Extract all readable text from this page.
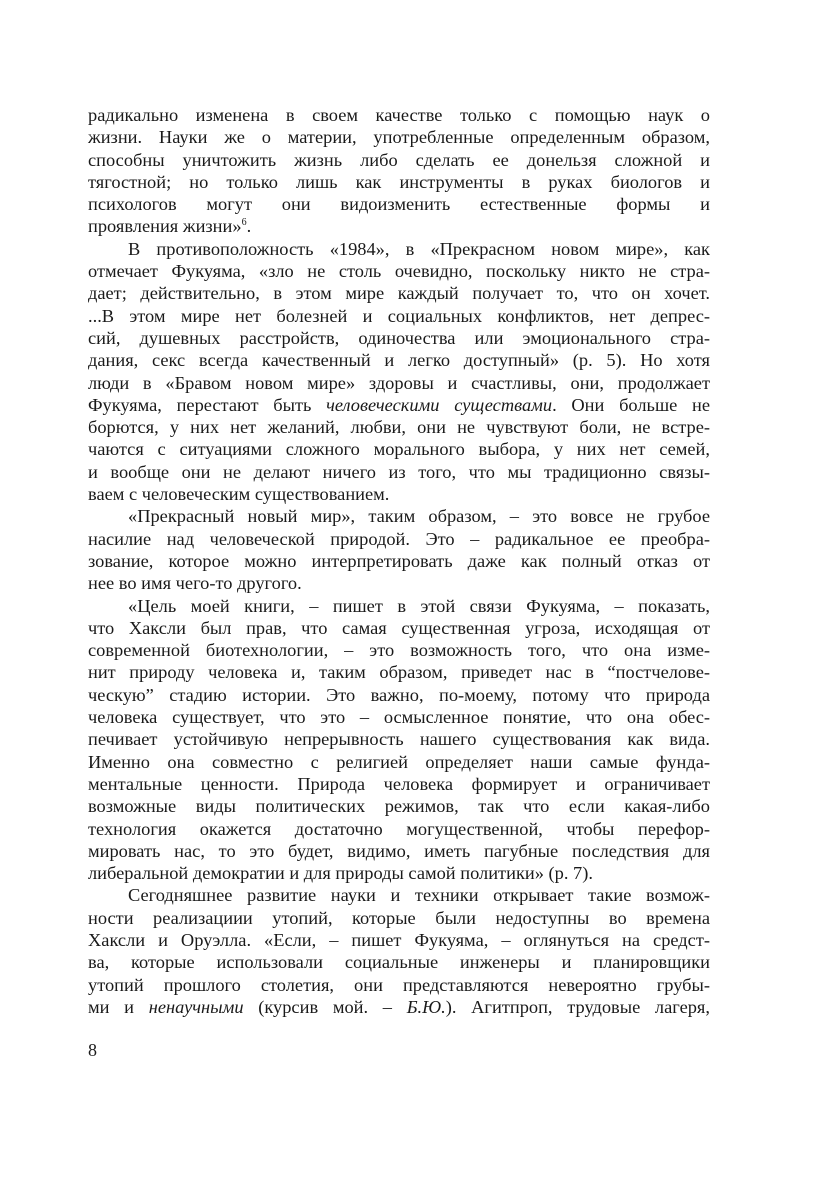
радикально изменена в своем качестве только с помощью наук о
жизни. Науки же о материи, употребленные определенным образом,
способны уничтожить жизнь либо сделать ее донельзя сложной и
тягостной; но только лишь как инструменты в руках биологов и
психологов могут они видоизменить естественные формы и
проявления жизни»$^6$.
В противоположность «1984», в «Прекрасном новом мире», как
отмечает Фукуяма, «зло не столь очевидно, поскольку никто не стра-
дает; действительно, в этом мире каждый получает то, что он хочет.
...В этом мире нет болезней и социальных конфликтов, нет депрес-
сий, душевных расстройств, одиночества или эмоционального стра-
дания, секс всегда качественный и легко доступный» (p. 5). Но хотя
люди в «Бравом новом мире» здоровы и счастливы, они, продолжает
Фукуяма, перестают быть человеческими существами. Они больше не
борются, у них нет желаний, любви, они не чувствуют боли, не встре-
чаются с ситуациями сложного морального выбора, у них нет семей,
и вообще они не делают ничего из того, что мы традиционно связы-
ваем с человеческим существованием.
«Прекрасный новый мир», таким образом, – это вовсе не грубое
насилие над человеческой природой. Это – радикальное ее преобра-
зование, которое можно интерпретировать даже как полный отказ от
нее во имя чего-то другого.
«Цель моей книги, – пишет в этой связи Фукуяма, – показать,
что Хаксли был прав, что самая существенная угроза, исходящая от
современной биотехнологии, – это возможность того, что она изме-
нит природу человека и, таким образом, приведет нас в “постчелове-
ческую” стадию истории. Это важно, по-моему, потому что природа
человека существует, что это – осмысленное понятие, что она обес-
печивает устойчивую непрерывность нашего существования как вида.
Именно она совместно с религией определяет наши самые фунда-
ментальные ценности. Природа человека формирует и ограничивает
возможные виды политических режимов, так что если какая-либо
технология окажется достаточно могущественной, чтобы перефор-
мировать нас, то это будет, видимо, иметь пагубные последствия для
либеральной демократии и для природы самой политики» (p. 7).
Сегодняшнее развитие науки и техники открывает такие возмож-
ности реализациии утопий, которые были недоступны во времена
Хаксли и Оруэлла. «Если, – пишет Фукуяма, – оглянуться на средст-
ва, которые использовали социальные инженеры и планировщики
утопий прошлого столетия, они представляются невероятно грубы-
ми и ненаучными (курсив мой. – Б.Ю.). Агитпроп, трудовые лагеря,
8
